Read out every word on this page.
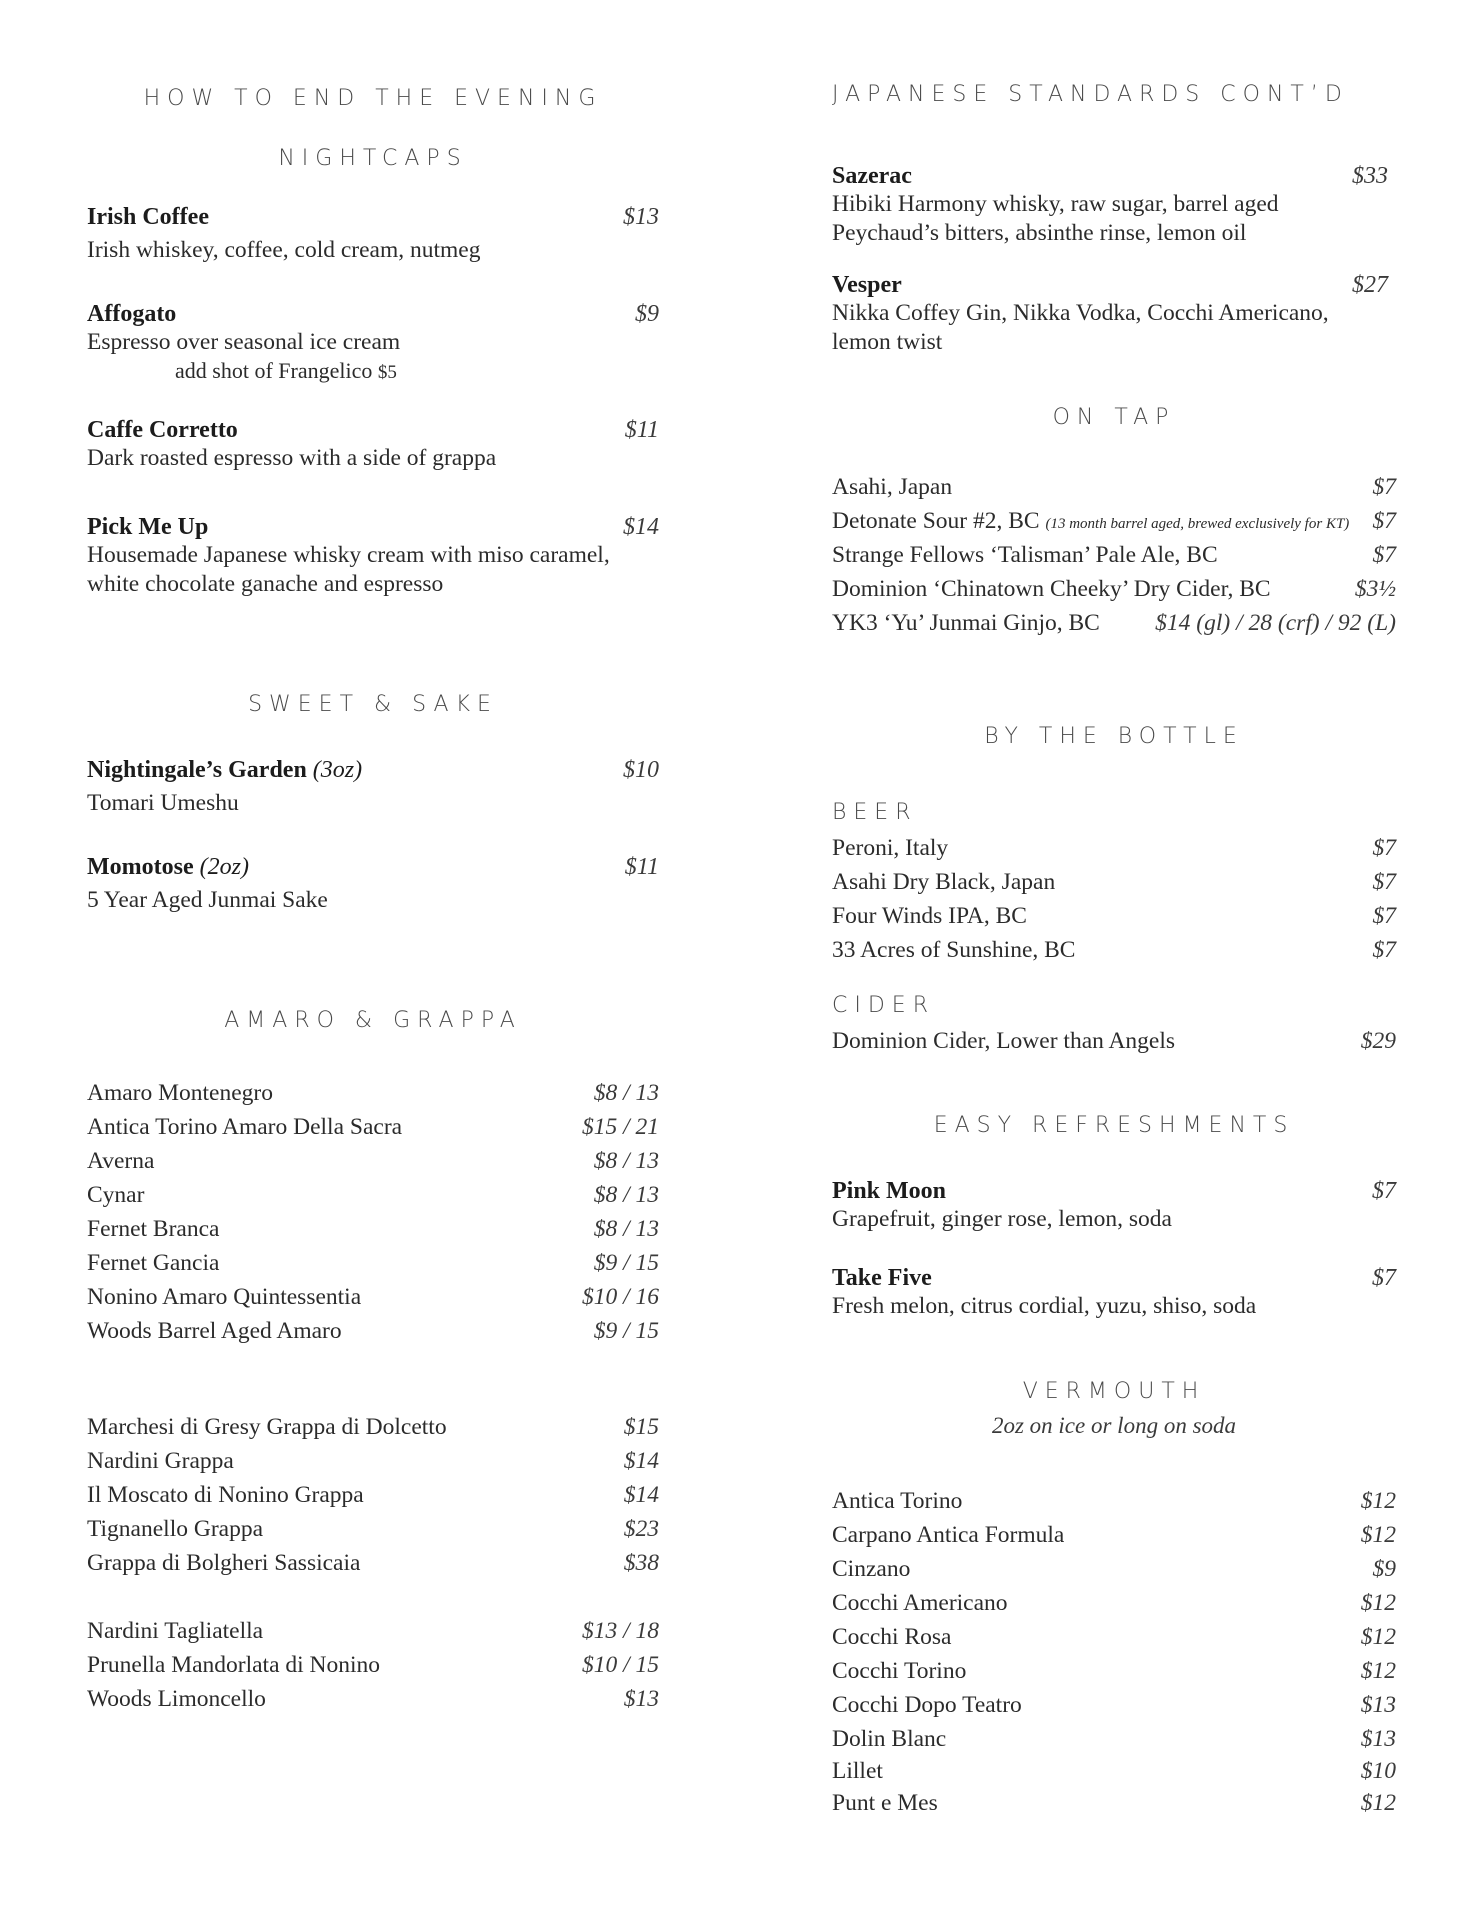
HOW TO END THE EVENING
NIGHTCAPS
Irish Coffee	$13
Irish whiskey, coffee, cold cream, nutmeg
Affogato	$9
Espresso over seasonal ice cream
add shot of Frangelico $5
Caffe Corretto	$11
Dark roasted espresso with a side of grappa
Pick Me Up	$14
Housemade Japanese whisky cream with miso caramel,
white chocolate ganache and espresso
SWEET & SAKE
Nightingale’s Garden (3oz)	$10
Tomari Umeshu
Momotose (2oz)	$11
5 Year Aged Junmai Sake
AMARO & GRAPPA
Amaro Montenegro	$8 / 13
Antica Torino Amaro Della Sacra	$15 / 21
Averna	$8 / 13
Cynar	$8 / 13
Fernet Branca	$8 / 13
Fernet Gancia	$9 / 15
Nonino Amaro Quintessentia	$10 / 16
Woods Barrel Aged Amaro	$9 / 15
Marchesi di Gresy Grappa di Dolcetto	$15
Nardini Grappa	$14
Il Moscato di Nonino Grappa	$14
Tignanello Grappa	$23
Grappa di Bolgheri Sassicaia	$38
Nardini Tagliatella	$13 / 18
Prunella Mandorlata di Nonino	$10 / 15
Woods Limoncello	$13
JAPANESE STANDARDS CONT’D
Sazerac	$33
Hibiki Harmony whisky, raw sugar, barrel aged
Peychaud’s bitters, absinthe rinse, lemon oil
Vesper	$27
Nikka Coffey Gin, Nikka Vodka, Cocchi Americano,
lemon twist
ON TAP
Asahi, Japan	$7
Detonate Sour #2, BC (13 month barrel aged, brewed exclusively for KT) $7
Strange Fellows ‘Talisman’ Pale Ale, BC	$7
Dominion ‘Chinatown Cheeky’ Dry Cider, BC	$3½
YK3 ‘Yu’ Junmai Ginjo, BC $14 (gl) / 28 (crf) / 92 (L)
BY THE BOTTLE
BEER
Peroni, Italy	$7
Asahi Dry Black, Japan	$7
Four Winds IPA, BC	$7
33 Acres of Sunshine, BC	$7
CIDER
Dominion Cider, Lower than Angels	$29
EASY REFRESHMENTS
Pink Moon	$7
Grapefruit, ginger rose, lemon, soda
Take Five	$7
Fresh melon, citrus cordial, yuzu, shiso, soda
VERMOUTH
2oz on ice or long on soda
Antica Torino	$12
Carpano Antica Formula	$12
Cinzano	$9
Cocchi Americano	$12
Cocchi Rosa	$12
Cocchi Torino	$12
Cocchi Dopo Teatro	$13
Dolin Blanc	$13
Lillet	$10
Punt e Mes	$12
